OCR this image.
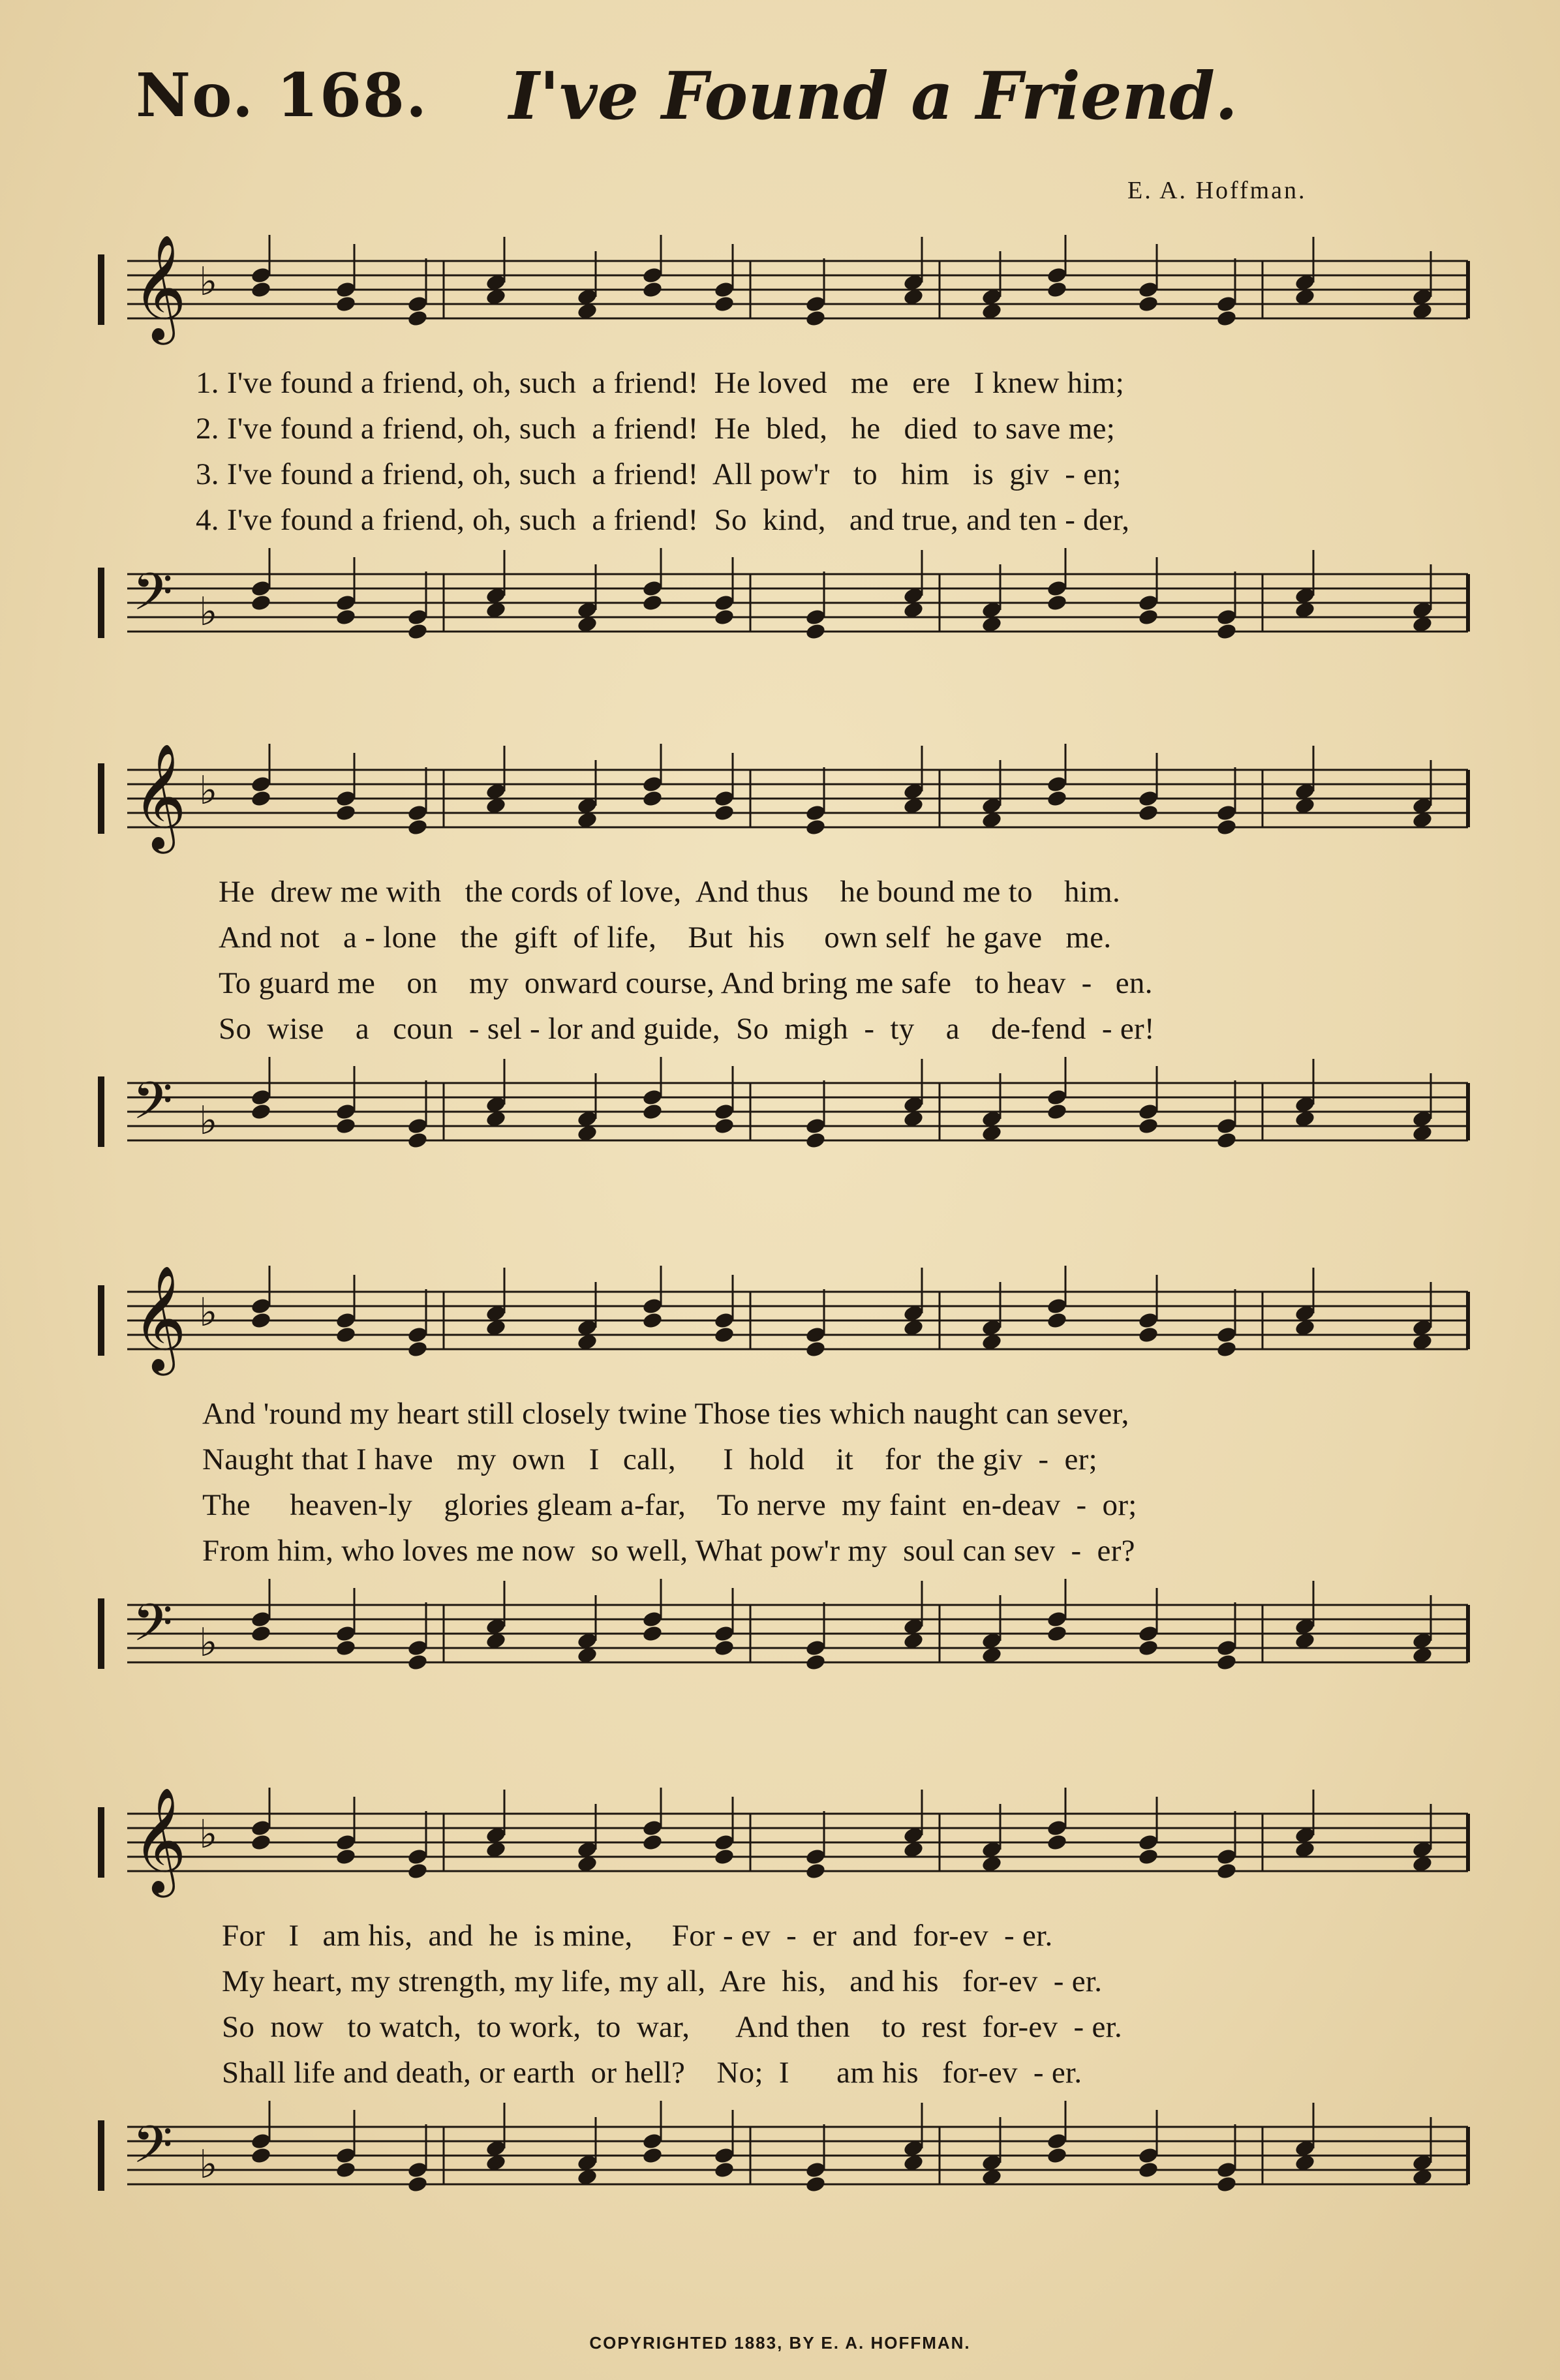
No. 168. I've Found a Friend.
E. A. Hoffman.
𝄞 ♭
1. I've found a friend, oh, such  a friend!  He loved   me   ere   I knew him;
2. I've found a friend, oh, such  a friend!  He  bled,   he   died  to save me;
3. I've found a friend, oh, such  a friend!  All pow'r   to   him   is  giv  - en;
4. I've found a friend, oh, such  a friend!  So  kind,   and true, and ten - der,
𝄢 ♭
𝄞 ♭
He  drew me with   the cords of love,  And thus    he bound me to    him.
And not   a - lone   the  gift  of life,    But  his     own self  he gave   me.
To guard me    on    my  onward course, And bring me safe   to heav  -   en.
So  wise    a   coun  - sel - lor and guide,  So  migh  -  ty    a    de-fend  - er!
𝄢 ♭
𝄞 ♭
And 'round my heart still closely twine Those ties which naught can sever,
Naught that I have   my  own   I   call,      I  hold    it    for  the giv  -  er;
The     heaven-ly    glories gleam a-far,    To nerve  my faint  en-deav  -  or;
From him, who loves me now  so well, What pow'r my  soul can sev  -  er?
𝄢 ♭
𝄞 ♭
For   I   am his,  and  he  is mine,     For - ev  -  er  and  for-ev  - er.
My heart, my strength, my life, my all,  Are  his,   and his   for-ev  - er.
So  now   to watch,  to work,  to  war,      And then    to  rest  for-ev  - er.
Shall life and death, or earth  or hell?    No;  I      am his   for-ev  - er.
𝄢 ♭
COPYRIGHTED 1883, BY E. A. HOFFMAN.
